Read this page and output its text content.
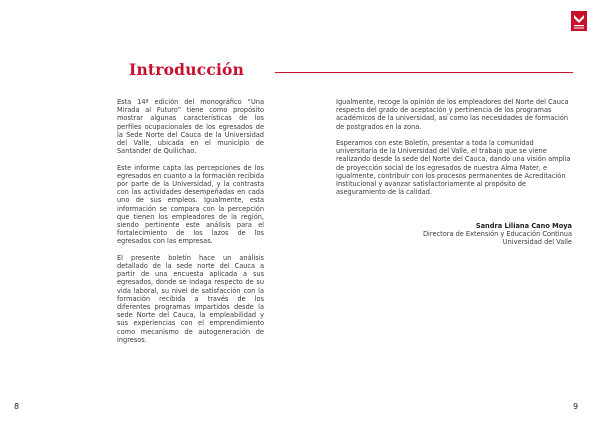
Introducción

Esta 14ª edición del monográfico “Una Mirada al Futuro” tiene como propósito mostrar algunas características de los perfiles ocupacionales de los egresados de la Sede Norte del Cauca de la Universidad del Valle, ubicada en el municipio de Santander de Quilichao.

Este informe capta las percepciones de los egresados en cuanto a la formación recibida por parte de la Universidad, y la contrasta con las actividades desempeñadas en cada uno de sus empleos. Igualmente, esta información se compara con la percepción que tienen los empleadores de la región, siendo pertinente este análisis para el fortalecimiento de los lazos de los egresados con las empresas.

El presente boletín hace un análisis detallado de la sede norte del Cauca a partir de una encuesta aplicada a sus egresados, donde se indaga respecto de su vida laboral, su nivel de satisfacción con la formación recibida a través de los diferentes programas impartidos desde la sede Norte del Cauca, la empleabilidad y sus experiencias con el emprendimiento como mecanismo de autogeneración de ingresos.

Igualmente, recoge la opinión de los empleadores del Norte del Cauca respecto del grado de aceptación y pertinencia de los programas académicos de la universidad, así como las necesidades de formación de postgrados en la zona.

Esperamos con este Boletín, presentar a toda la comunidad universitaria de la Universidad del Valle, el trabajo que se viene realizando desde la sede del Norte del Cauca, dando una visión amplia de proyección social de los egresados de nuestra Alma Mater, e igualmente, contribuir con los procesos permanentes de Acreditación Institucional y avanzar satisfactoriamente al propósito de aseguramiento de la calidad.

Sandra Liliana Cano Moya
Directora de Extensión y Educación Continua
Universidad del Valle
8	9
